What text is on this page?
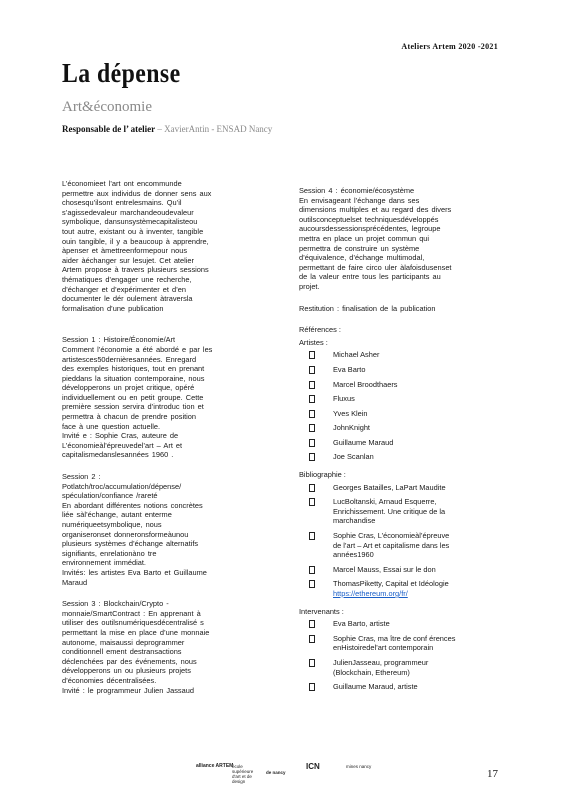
Ateliers Artem 2020 -2021
La dépense
Art&économie
Responsable de l’ atelier – XavierAntin - ENSAD Nancy
L’économieet l’art ont encommunde
permettre aux individus de donner sens aux
chosesqu’ilsont entrelesmains. Qu’il
s’agissedevaleur marchandeoudevaleur
symbolique, dansunsystèmecapitalisteou
tout autre, existant ou à inventer, tangible
ouin tangible, il y a beaucoup à apprendre,
àpenser et àmettreenformepour nous
aider àéchanger sur lesujet. Cet atelier
Artem propose à travers plusieurs sessions
thématiques d’engager une recherche,
d’échanger et d’expérimenter et d’en
documenter le dér oulement àtraversla
formalisation d’une publication
Session 1 : Histoire/Économie/Art
Comment l’économie a été abordé e par les
artistesces50dernièresannées. Enregard
des exemples historiques, tout en prenant
pieddans la situation contemporaine, nous
développerons un projet critique, opéré
individuellement ou en petit groupe. Cette
première session servira d’introduc tion et
permettra à chacun de prendre position
face à une question actuelle.
Invité e : Sophie Cras, auteure de
L’économieàl’épreuvedel’art – Art et
capitalismedanslesannées 1960 .
Session 2 :
Potlatch/troc/accumulation/dépense/
spéculation/confiance /rareté
En abordant différentes notions concrètes
liée sàl’échange, autant enterme
numériqueetsymbolique, nous
organiseronset donneronsformeàunou
plusieurs systèmes d’échange alternatifs
signifiants, enrelationàno tre
environnement immédiat.
Invités: les artistes Eva Barto et Guillaume
Maraud
Session 3 : Blockchain/Crypto -
monnaie/SmartContract : En apprenant à
utiliser des outilsnumériquesdécentralisé s
permettant la mise en place d’une monnaie
autonome, maisaussi deprogrammer
conditionnell ement destransactions
déclenchées par des événements, nous
développerons un ou plusieurs projets
d’économies décentralisées.
Invité : le programmeur Julien Jassaud
Session 4 : économie/écosystème
En envisageant l’échange dans ses
dimensions multiples et au regard des divers
outilsconceptuelset techniquesdéveloppés
aucoursdessessionsprécédentes, legroupe
mettra en place un projet commun qui
permettra de construire un système
d’équivalence, d’échange multimodal,
permettant de faire circo uler àlafoisdusenset
de la valeur entre tous les participants au
projet.
Restitution : finalisation de la publication
Références :
Artistes :
Michael Asher
Eva Barto
Marcel Broodthaers
Fluxus
Yves Klein
JohnKnight
Guillaume Maraud
Joe Scanlan
Bibliographie :
Georges Batailles, LaPart Maudite
LucBoltanski, Arnaud Esquerre,
Enrichissement. Une critique de la
marchandise
Sophie Cras, L’économieàl’épreuve
de l’art – Art et capitalisme dans les
années1960
Marcel Mauss, Essai sur le don
ThomasPiketty, Capital et Idéologie
https://ethereum.org/fr/
Intervenants :
Eva Barto, artiste
Sophie Cras, ma ître de conf érences
enHistoiredel’art contemporain
JulienJasseau, programmeur
(Blockchain, Ethereum)
Guillaume Maraud, artiste
alliance ARTEM
école supérieure d'art et de design
de nancy
ICN	mines nancy
17
